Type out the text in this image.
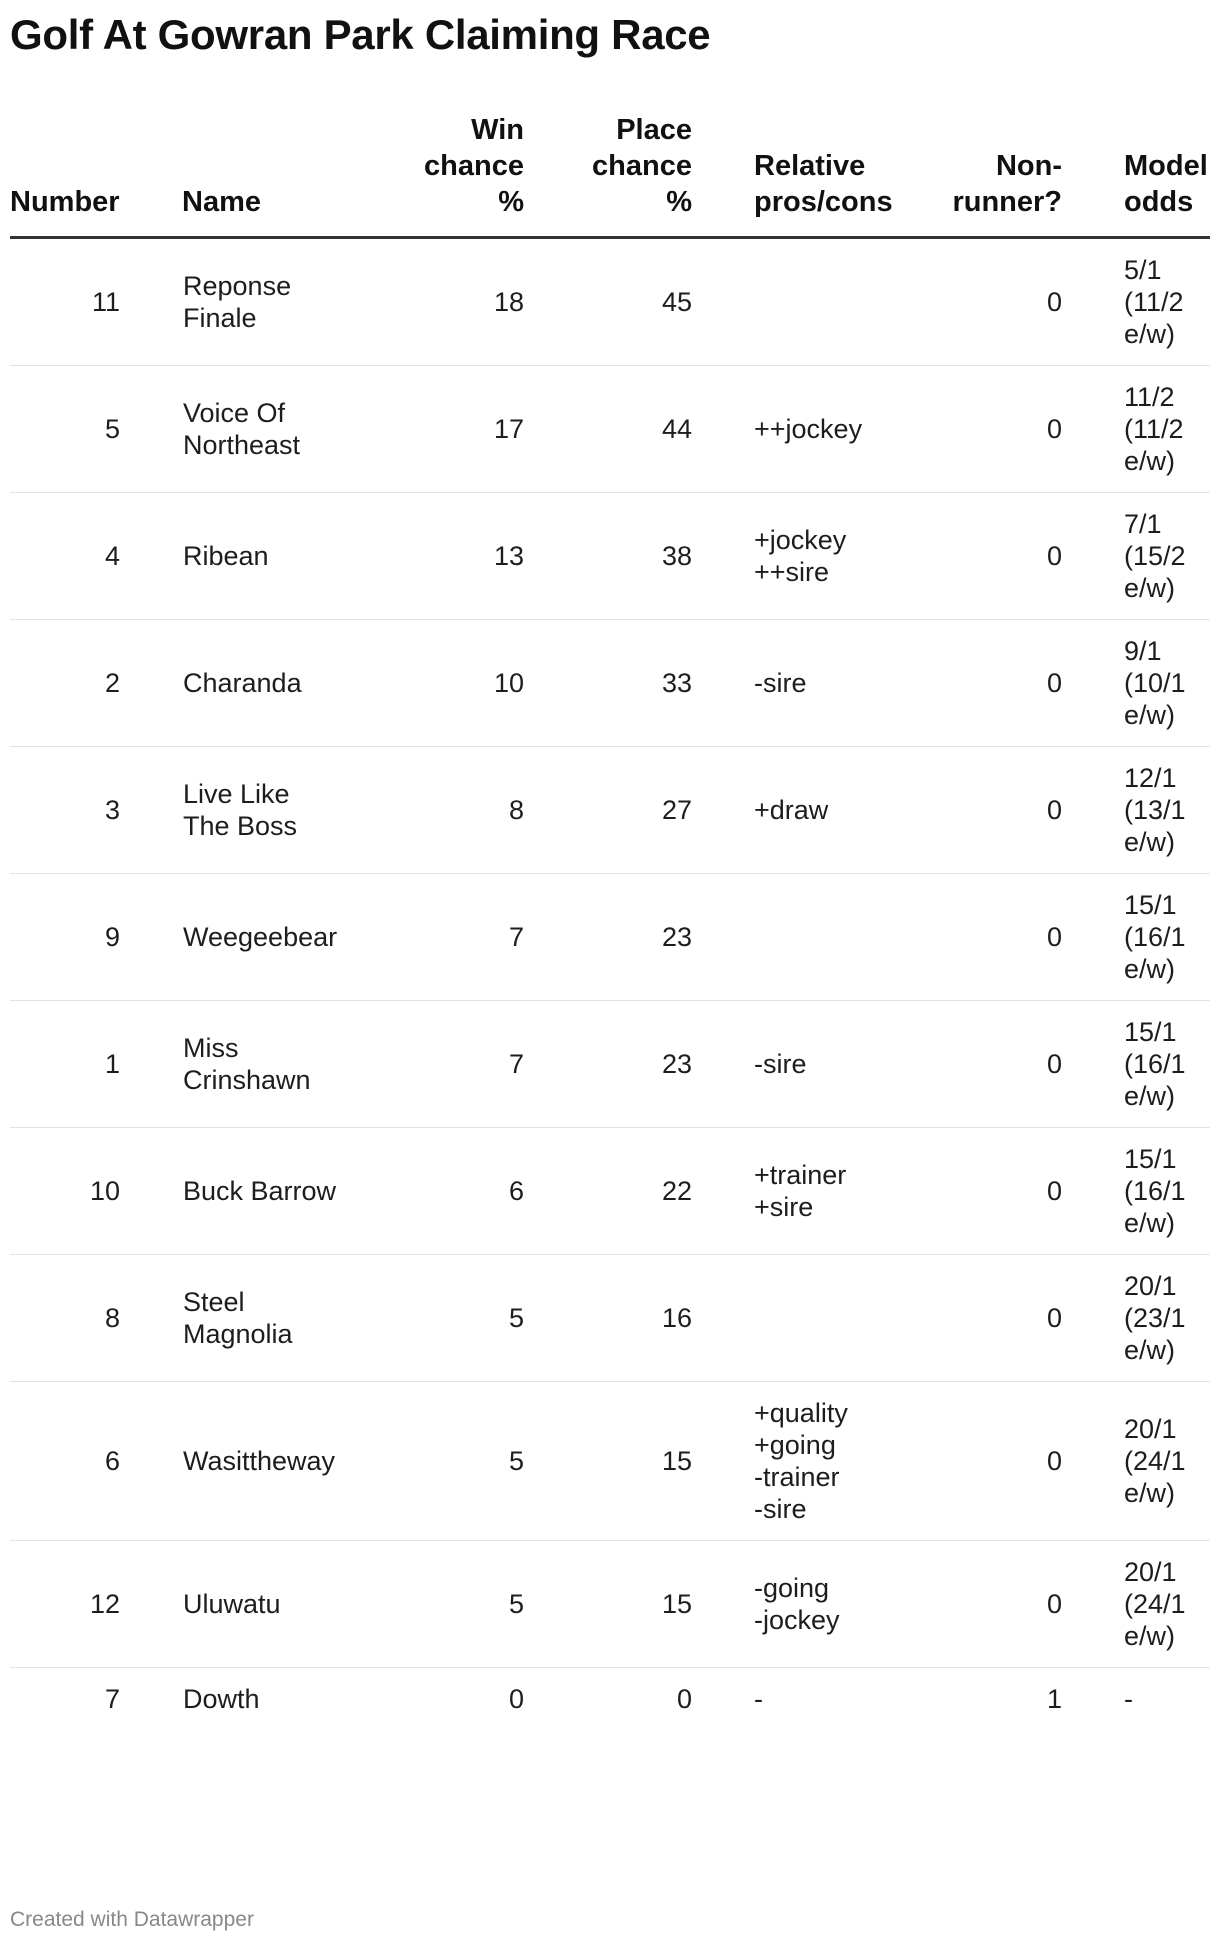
Golf At Gowran Park Claiming Race
Number	Name	Win
chance
%	Place
chance
%	Relative
pros/cons	Non-
runner?	Model
odds
11	Reponse
Finale	18	45		0	5/1
(11/2
e/w)
5	Voice Of
Northeast	17	44	++jockey	0	11/2
(11/2
e/w)
4	Ribean	13	38	+jockey
++sire	0	7/1
(15/2
e/w)
2	Charanda	10	33	-sire	0	9/1
(10/1
e/w)
3	Live Like
The Boss	8	27	+draw	0	12/1
(13/1
e/w)
9	Weegeebear	7	23		0	15/1
(16/1
e/w)
1	Miss
Crinshawn	7	23	-sire	0	15/1
(16/1
e/w)
10	Buck Barrow	6	22	+trainer
+sire	0	15/1
(16/1
e/w)
8	Steel
Magnolia	5	16		0	20/1
(23/1
e/w)
6	Wasittheway	5	15	+quality
+going
-trainer
-sire	0	20/1
(24/1
e/w)
12	Uluwatu	5	15	-going
-jockey	0	20/1
(24/1
e/w)
7	Dowth	0	0	-	1	-
Created with Datawrapper
